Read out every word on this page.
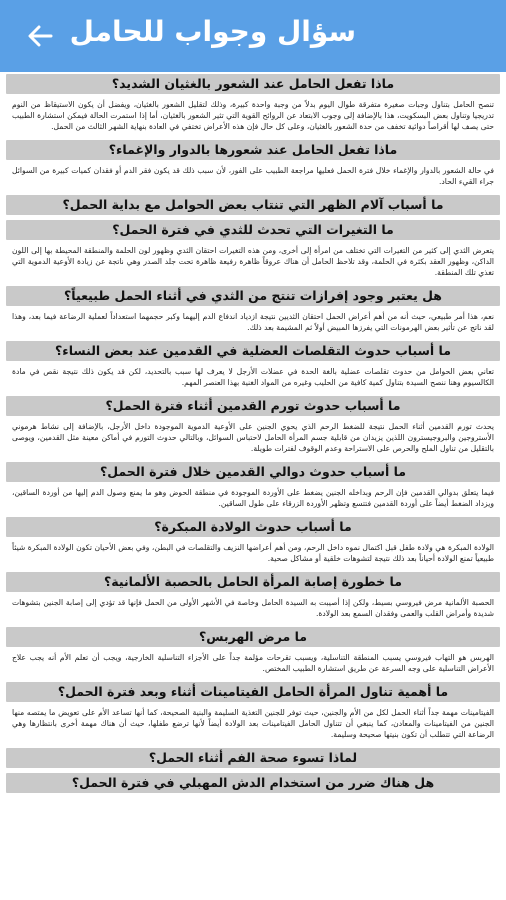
سؤال وجواب للحامل
ماذا تفعل الحامل عند الشعور بالغثيان الشديد؟
تنصح الحامل بتناول وجبات صغيرة متفرقة طوال اليوم بدلاً من وجبة واحدة كبيرة، وذلك لتقليل الشعور بالغثيان، ويفضل أن يكون الاستيقاظ من النوم تدريجيا وتناول بعض البسكويت، هذا بالإضافة إلى وجوب الابتعاد عن الروائح القوية التي تثير الشعور بالغثيان، أما إذا استمرت الحالة فيمكن استشارة الطبيب حتى يصف لها أقراصاً دوائية تخفف من حدة الشعور بالغثيان، وعلى كل حال فإن هذه الأعراض تختفي في العادة بنهاية الشهر الثالث من الحمل.
ماذا تفعل الحامل عند شعورها بالدوار والإغماء؟
في حالة الشعور بالدوار والإغماء خلال فترة الحمل فعليها مراجعة الطبيب على الفور، لأن سبب ذلك قد يكون فقر الدم أو فقدان كميات كبيرة من السوائل جراء القيء الحاد.
ما أسباب آلام الظهر التي تنتاب بعض الحوامل مع بداية الحمل؟
ما التغيرات التي تحدث للثدي في فترة الحمل؟
يتعرض الثدي إلى كثير من التغيرات التي تختلف من امرأة إلى أخرى، ومن هذه التغيرات احتقان الثدي وظهور لون الحلمة والمنطقة المحيطة بها إلى اللون الداكن، وظهور العقد بكثرة في الحلمة، وقد تلاحظ الحامل أن هناك عروقاً ظاهرة رفيعة ظاهرة تحت جلد الصدر وهي ناتجة عن زيادة الأوعية الدموية التي تغذي تلك المنطقة.
هل يعتبر وجود إفرازات تنتج من الثدي في أثناء الحمل طبيعياً؟
نعم، هذا أمر طبيعي، حيث أنه من أهم أعراض الحمل احتقان الثديين نتيجة ازدياد اندفاع الدم إليهما وكبر حجمهما استعداداً لعملية الرضاعة فيما بعد، وهذا لقد ناتج عن تأثير بعض الهرمونات التي يفرزها المبيض أولاً ثم المشيمة بعد ذلك.
ما أسباب حدوث التقلصات العضلية في القدمين عند بعض النساء؟
تعاني بعض الحوامل من حدوث تقلصات عضلية بالغة الحدة في عضلات الأرجل لا يعرف لها سبب بالتحديد، لكن قد يكون ذلك نتيجة نقص في مادة الكالسيوم وهنا ننصح السيدة بتناول كمية كافية من الحليب وغيره من المواد الغنية بهذا العنصر المهم.
ما أسباب حدوث تورم القدمين أثناء فترة الحمل؟
يحدث تورم القدمين أثناء الحمل نتيجة للضغط الرحم الذي يحوي الجنين على الأوعية الدموية الموجودة داخل الأرجل، بالإضافة إلى نشاط هرموني الأستروجين والبروجيسترون اللذين يزيدان من قابلية جسم المرأة الحامل لاحتباس السوائل، وبالتالي حدوث التورم في أماكن معينة مثل القدمين، ويوصى بالتقليل من تناول الملح والحرص على الاستراحة وعدم الوقوف لفترات طويلة.
ما أسباب حدوث دوالي القدمين خلال فترة الحمل؟
فيما يتعلق بدوالي القدمين فإن الرحم وبداخله الجنين يضغط على الأوردة الموجودة في منطقة الحوض وهو ما يمنع وصول الدم إليها من أوردة الساقين، ويزداد الضغط أيضاً على أوردة القدمين فتتسع وتظهر الأوردة الزرقاء على طول الساقين.
ما أسباب حدوث الولادة المبكرة؟
الولادة المبكرة هي ولادة طفل قبل اكتمال نموه داخل الرحم، ومن أهم أعراضها النزيف والتقلصات في البطن، وفي بعض الأحيان تكون الولادة المبكرة شيئاً طبيعياً تمنع الولادة أحياناً بعد ذلك نتيجة لتشوهات خلقية أو مشاكل صحية.
ما خطورة إصابة المرأة الحامل بالحصبة الألمانية؟
الحصبة الألمانية مرض فيروسي بسيط، ولكن إذا أصيبت به السيدة الحامل وخاصة في الأشهر الأولى من الحمل فإنها قد تؤدي إلى إصابة الجنين بتشوهات شديدة وأمراض القلب والعمى وفقدان السمع بعد الولادة.
ما مرض الهربس؟
الهربس هو التهاب فيروسي يسبب المنطقة التناسلية، ويسبب تقرحات مؤلمة جداً على الأجزاء التناسلية الخارجية، ويجب أن تعلم الأم أنه يجب علاج الأعراض التناسلية على وجه السرعة عن طريق استشارة الطبيب المختص.
ما أهمية تناول المرأة الحامل الفيتامينات أثناء وبعد فترة الحمل؟
الفيتامينات مهمة جداً أثناء الحمل لكل من الأم والجنين، حيث توفر للجنين التغذية السليمة والبنية الصحيحة، كما أنها تساعد الأم على تعويض ما يمتصه منها الجنين من الفيتامينات والمعادن، كما ينبغي أن تتناول الحامل الفيتامينات بعد الولادة أيضاً لأنها ترضع طفلها، حيث أن هناك مهمة أخرى بانتظارها وهي الرضاعة التي تتطلب أن تكون بنيتها صحيحة وسليمة.
لماذا تسوء صحة الفم أثناء الحمل؟
هل هناك ضرر من استخدام الدش المهبلي في فترة الحمل؟
